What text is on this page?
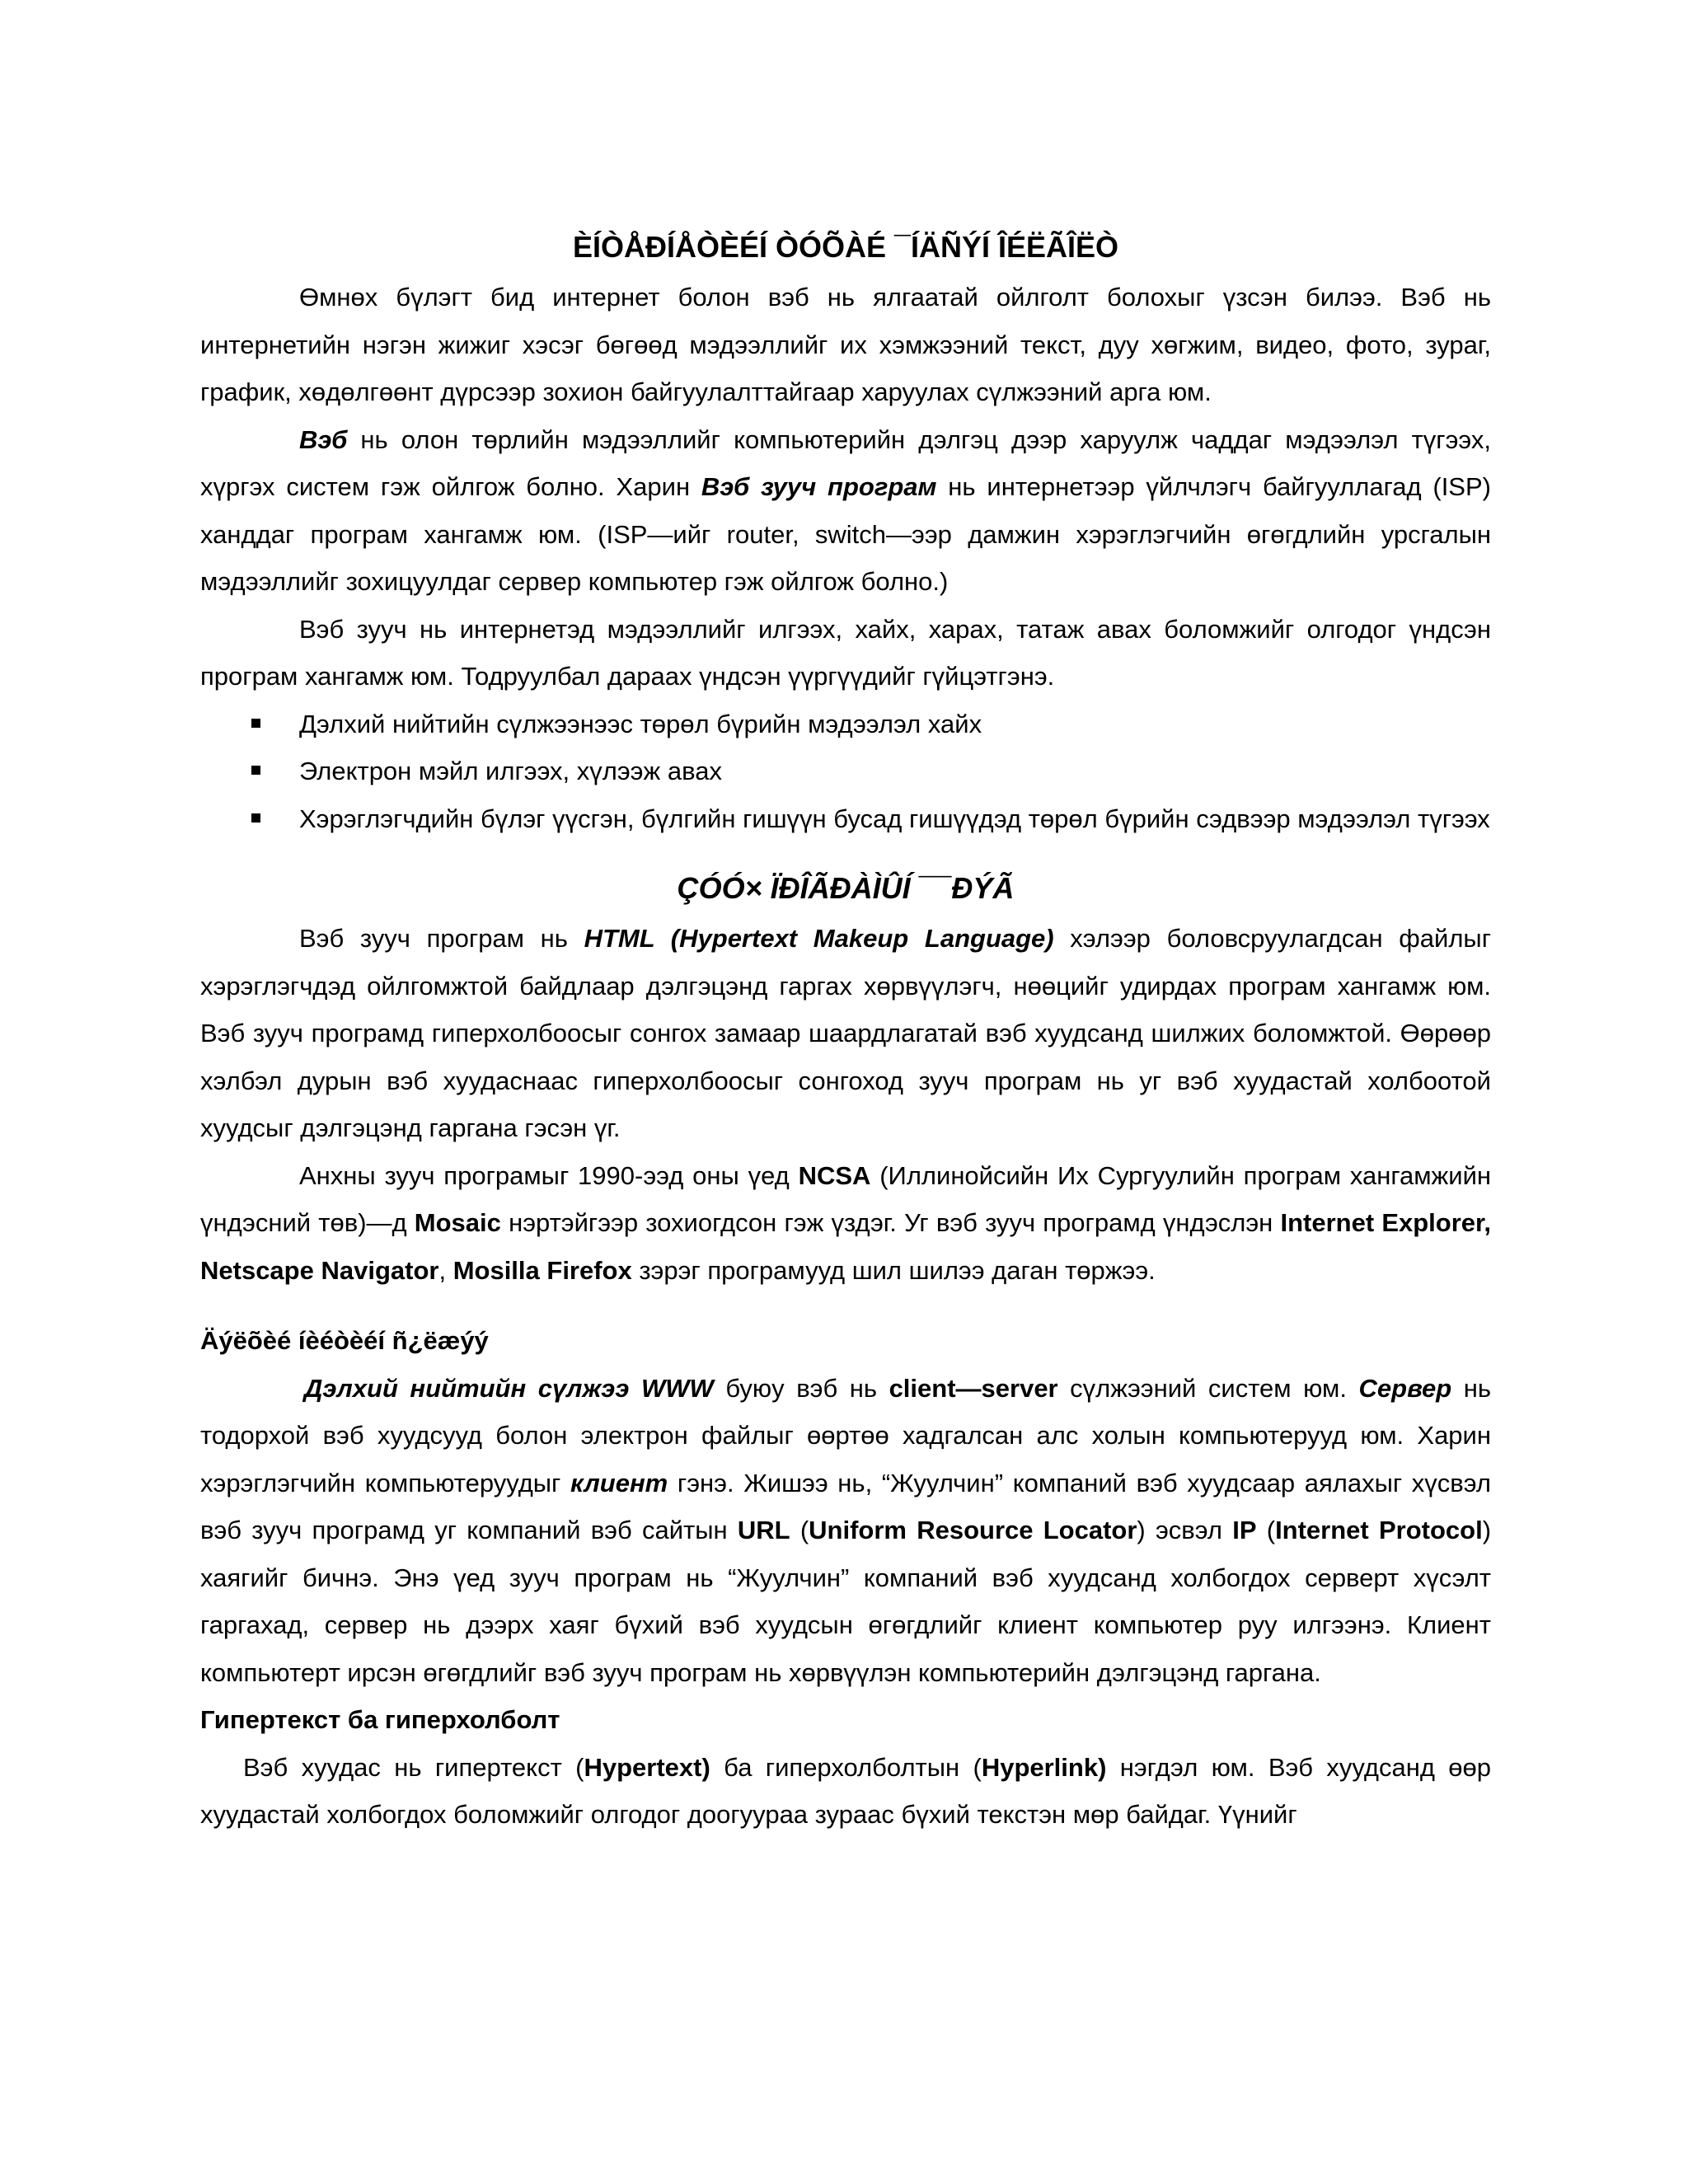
ÈÍÒÅÐÍÅÒÈÉÍ ÒÓÕÀÉ ¯ÍÄÑÝÍ ÎÉËÃÎËÒ

Өмнөх бүлэгт бид интернет болон вэб нь ялгаатай ойлголт болохыг үзсэн билээ. Вэб нь интернетийн нэгэн жижиг хэсэг бөгөөд мэдээллийг их хэмжээний текст, дуу хөгжим, видео, фото, зураг, график, хөдөлгөөнт дүрсээр зохион байгуулалттайгаар харуулах сүлжээний арга юм.

Вэб нь олон төрлийн мэдээллийг компьютерийн дэлгэц дээр харуулж чаддаг мэдээлэл түгээх, хүргэх систем гэж ойлгож болно. Харин Вэб зууч програм нь интернетээр үйлчлэгч байгууллагад (ISP) ханддаг програм хангамж юм. (ISP—ийг router, switch—ээр дамжин хэрэглэгчийн өгөгдлийн урсгалын мэдээллийг зохицуулдаг сервер компьютер гэж ойлгож болно.)

Вэб зууч нь интернетэд мэдээллийг илгээх, хайх, харах, татаж авах боломжийг олгодог үндсэн програм хангамж юм. Тодруулбал дараах үндсэн үүргүүдийг гүйцэтгэнэ.

Дэлхий нийтийн сүлжээнээс төрөл бүрийн мэдээлэл хайх
Электрон мэйл илгээх, хүлээж авах
Хэрэглэгчдийн бүлэг үүсгэн, бүлгийн гишүүн бусад гишүүдэд төрөл бүрийн сэдвээр мэдээлэл түгээх
ÇÓÓ× ÏÐÎÃÐÀÌÛÍ ¯¯ÐÝÃ

Вэб зууч програм нь HTML (Hypertext Makeup Language) хэлээр боловсруулагдсан файлыг хэрэглэгчдэд ойлгомжтой байдлаар дэлгэцэнд гаргах хөрвүүлэгч, нөөцийг удирдах програм хангамж юм. Вэб зууч програмд гиперхолбоосыг сонгох замаар шаардлагатай вэб хуудсанд шилжих боломжтой. Өөрөөр хэлбэл дурын вэб хуудаснаас гиперхолбоосыг сонгоход зууч програм нь уг вэб хуудастай холбоотой хуудсыг дэлгэцэнд гаргана гэсэн үг.

Анхны зууч програмыг 1990-ээд оны үед NCSA (Иллинойсийн Их Сургуулийн програм хангамжийн үндэсний төв)—д Mosaic нэртэйгээр зохиогдсон гэж үздэг. Уг вэб зууч програмд үндэслэн Internet Explorer, Netscape Navigator, Mosilla Firefox зэрэг програмууд шил шилээ даган төржээ.

Äýëõèé íèéòèéí ñ¿ëæýý

Дэлхий нийтийн сүлжээ WWW буюу вэб нь client—server сүлжээний систем юм. Сервер нь тодорхой вэб хуудсууд болон электрон файлыг өөртөө хадгалсан алс холын компьютерууд юм. Харин хэрэглэгчийн компьютеруудыг клиент гэнэ. Жишээ нь, “Жуулчин” компаний вэб хуудсаар аялахыг хүсвэл вэб зууч програмд уг компаний вэб сайтын URL (Uniform Resource Locator) эсвэл IP (Internet Protocol) хаягийг бичнэ. Энэ үед зууч програм нь “Жуулчин” компаний вэб хуудсанд холбогдох серверт хүсэлт гаргахад, сервер нь дээрх хаяг бүхий вэб хуудсын өгөгдлийг клиент компьютер руу илгээнэ. Клиент компьютерт ирсэн өгөгдлийг вэб зууч програм нь хөрвүүлэн компьютерийн дэлгэцэнд гаргана.

Гипертекст ба гиперхолболт

Вэб хуудас нь гипертекст (Hypertext) ба гиперхолболтын (Hyperlink) нэгдэл юм. Вэб хуудсанд өөр хуудастай холбогдох боломжийг олгодог доогуураа зураас бүхий текстэн мөр байдаг. Үүнийг
